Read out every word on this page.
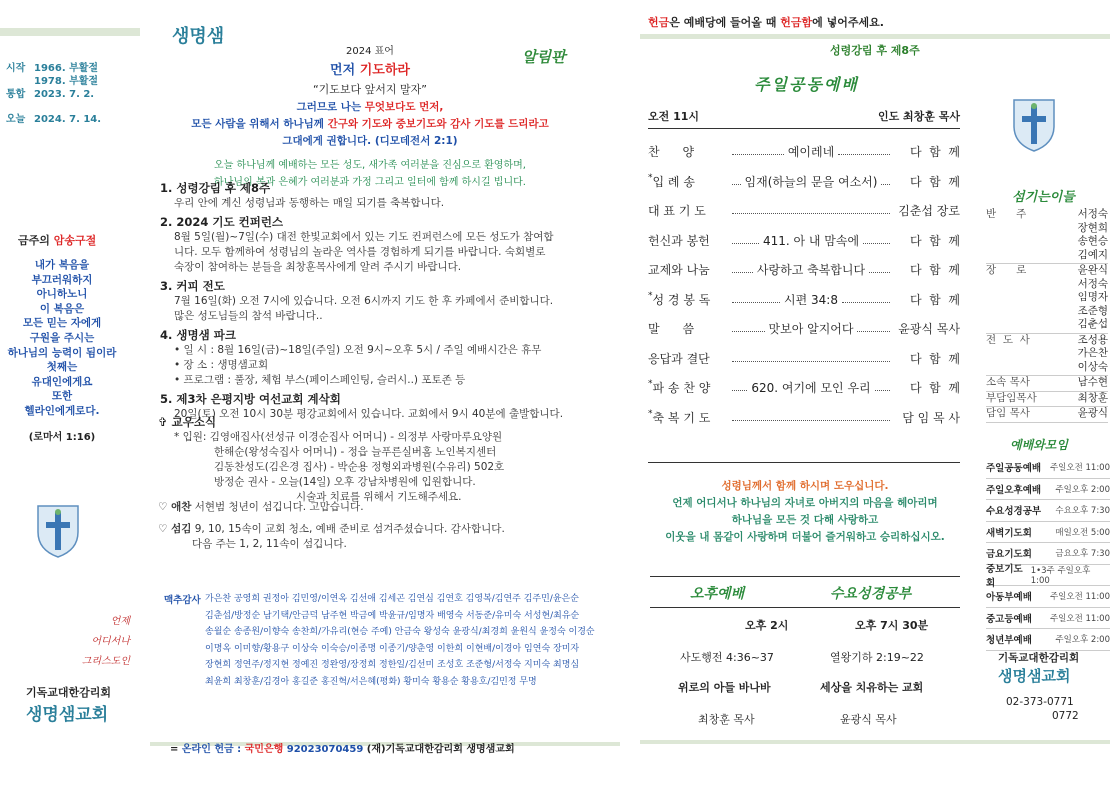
생명샘
시작 1966. 부활절
1978. 부활절
통합 2023. 7. 2.
오늘 2024. 7. 14.
금주의 암송구절
내가 복음을
부끄러워하지
아니하노니
이 복음은
모든 믿는 자에게
구원을 주시는
하나님의 능력이 됨이라
첫째는
유대인에게요
또한
헬라인에게로다.
(로마서 1:16)
언제
어디서나
그리스도인
기독교대한감리회
생명샘교회
2024 표어
먼저 기도하라
“기도보다 앞서지 말자”
그러므로 나는 무엇보다도 먼저,
모든 사람을 위해서 하나님께 간구와 기도와 중보기도와 감사 기도를 드리라고
그대에게 권합니다. (디모데전서 2:1)
오늘 하나님께 예배하는 모든 성도, 새가족 여러분을 진심으로 환영하며,
하나님의 복과 은혜가 여러분과 가정 그리고 일터에 함께 하시길 빕니다.
알림판
1. 성령강림 후 제8주
우리 안에 계신 성령님과 동행하는 매일 되기를 축복합니다.
2. 2024 기도 컨퍼런스
8월 5일(월)~7일(수) 대전 한빛교회에서 있는 기도 컨퍼런스에 모든 성도가 참여합
니다. 모두 함께하여 성령님의 놀라운 역사를 경험하게 되기를 바랍니다. 숙회별로
숙장이 참여하는 분들을 최창훈목사에게 알려 주시기 바랍니다.
3. 커피 전도
7월 16일(화) 오전 7시에 있습니다. 오전 6시까지 기도 한 후 카페에서 준비합니다.
많은 성도님들의 참석 바랍니다..
4. 생명샘 파크
• 일 시 : 8월 16일(금)~18일(주일) 오전 9시~오후 5시 / 주일 예배시간은 휴무
• 장 소 : 생명샘교회
• 프로그램 : 풀장, 체험 부스(페이스페인팅, 슬러시..) 포토존 등
5. 제3차 은평지방 여선교회 계삭회
20일(토) 오전 10시 30분 평강교회에서 있습니다. 교회에서 9시 40분에 출발합니다.
✞ 교우소식
* 입원: 김영애집사(선성규 이경순집사 어머니) - 의정부 사랑마루요양원
한해순(왕성숙집사 어머니) - 정읍 늘푸른실버홈 노인복지센터
김동찬성도(김은경 집사) - 박순용 정형외과병원(수유리) 502호
방정순 권사 - 오늘(14일) 오후 강남차병원에 입원합니다.
시술과 치료를 위해서 기도해주세요.
♡ 애찬 서현범 청년이 섬깁니다. 고맙습니다.
♡ 섬김 9, 10, 15속이 교회 청소, 예배 준비로 섬겨주셨습니다. 감사합니다.
다음 주는 1, 2, 11속이 섬깁니다.
맥추감사 가은찬 공영희 권정아 김민영/이연옥 김선애 김세곤 김연심 김연호 김영복/김연주 김주민/윤은순
김춘섭/방정순 남기택/안금덕 남주현 박금예 박윤규/임명자 배영숙 서동준/유미숙 서성현/최유순
송월순 송종원/이향숙 송찬희/가유리(현승 주예) 안금숙 왕성숙 윤광식/최경희 윤원식 윤정숙 이경순
이명옥 이미향/황용구 이상숙 이숙승/이종명 이종기/양춘영 이한희 이현배/이경아 임연숙 장미자
장현희 정연주/정지현 정예진 정완영/장정희 정한일/김선미 조성호 조준형/서정숙 지미숙 최명심
최윤희 최창훈/김경아 홍길준 홍진혁/서은혜(평화) 황미숙 황용순 황용호/김민정 무명
= 온라인 헌금 : 국민은행 92023070459 (재)기독교대한감리회 생명샘교회
헌금은 예배당에 들어올 때 헌금함에 넣어주세요.
성령강림 후 제8주
주일공동예배
오전 11시	인도 최창훈 목사
찬      양	예이레네	다  함  께
*입 례 송	임재(하늘의 문을 여소서)	다  함  께
대 표 기 도	김춘섭 장로
헌신과 봉헌	411. 아 내 맘속에	다  함  께
교제와 나눔	사랑하고 축복합니다	다  함  께
*성 경 봉 독	시편 34:8	다  함  께
말      씀	맛보아 알지어다	윤광식 목사
응답과 결단	다  함  께
*파 송 찬 양	620. 여기에 모인 우리	다  함  께
*축 복 기 도	담 임 목 사
성령님께서 함께 하시며 도우십니다.
언제 어디서나 하나님의 자녀로 아버지의 마음을 헤아리며
하나님을 모든 것 다해 사랑하고
이웃을 내 몸같이 사랑하며 더불어 즐거워하고 승리하십시오.
오후예배	수요성경공부
오후 2시	오후 7시 30분
사도행전 4:36~37	열왕기하 2:19~22
위로의 아들 바나바	세상을 치유하는 교회
최창훈 목사	윤광식 목사
섬기는이들
반      주	서정숙
장현희
송현승
김예지
장      로	윤완식
서정숙
임명자
조준형
김춘섭
전  도  사	조성용
가은찬
이상숙
소속 목사	남수현
부담임목사	최창훈
담임 목사	윤광식
예배와모임
주일공동예배 주일오전 11:00
주일오후예배 주일오후 2:00
수요성경공부 수요오후 7:30
새벽기도회	매일오전 5:00
금요기도회	금요오후 7:30
중보기도회
1•3주 주일오후 1:00
아동부예배 주일오전 11:00
중고등예배 주일오전 11:00
청년부예배	주일오후 2:00
기독교대한감리회
생명샘교회
02-373-0771
0772
